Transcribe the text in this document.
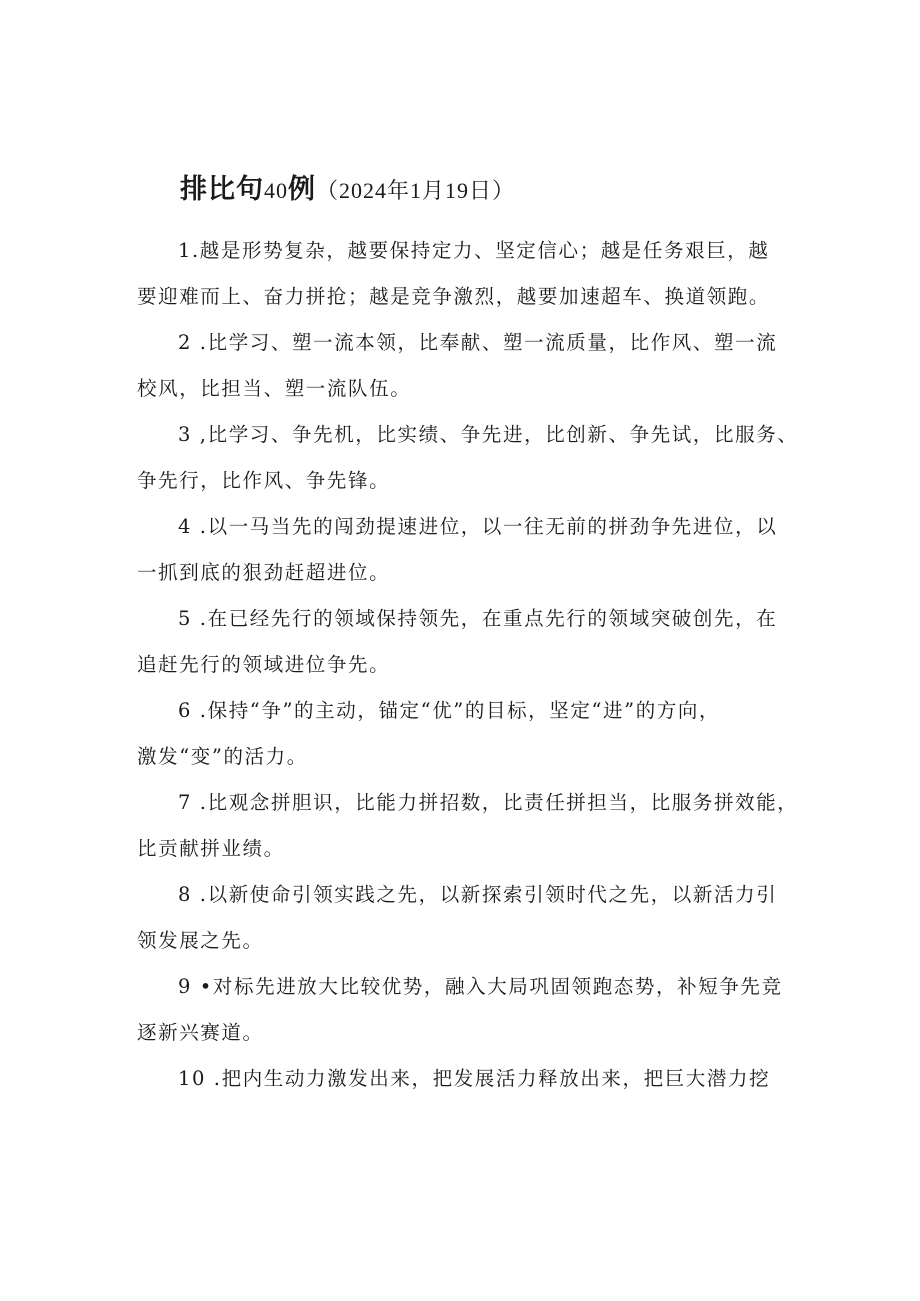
排比句40例（2024年1月19日）
1.越是形势复杂，越要保持定力、坚定信心；越是任务艰巨，越
要迎难而上、奋力拼抢；越是竞争激烈，越要加速超车、换道领跑。
2 .比学习、塑一流本领，比奉献、塑一流质量，比作风、塑一流
校风，比担当、塑一流队伍。
3 ,比学习、争先机，比实绩、争先进，比创新、争先试，比服务、
争先行，比作风、争先锋。
4 .以一马当先的闯劲提速进位，以一往无前的拼劲争先进位，以
一抓到底的狠劲赶超进位。
5 .在已经先行的领域保持领先，在重点先行的领域突破创先，在
追赶先行的领域进位争先。
6 .保持“争”的主动，锚定“优”的目标，坚定“进”的方向，
激发“变”的活力。
7 .比观念拼胆识，比能力拼招数，比责任拼担当，比服务拼效能，
比贡献拼业绩。
8 .以新使命引领实践之先，以新探索引领时代之先，以新活力引
领发展之先。
9 •对标先进放大比较优势，融入大局巩固领跑态势，补短争先竞
逐新兴赛道。
10 .把内生动力激发出来，把发展活力释放出来，把巨大潜力挖
